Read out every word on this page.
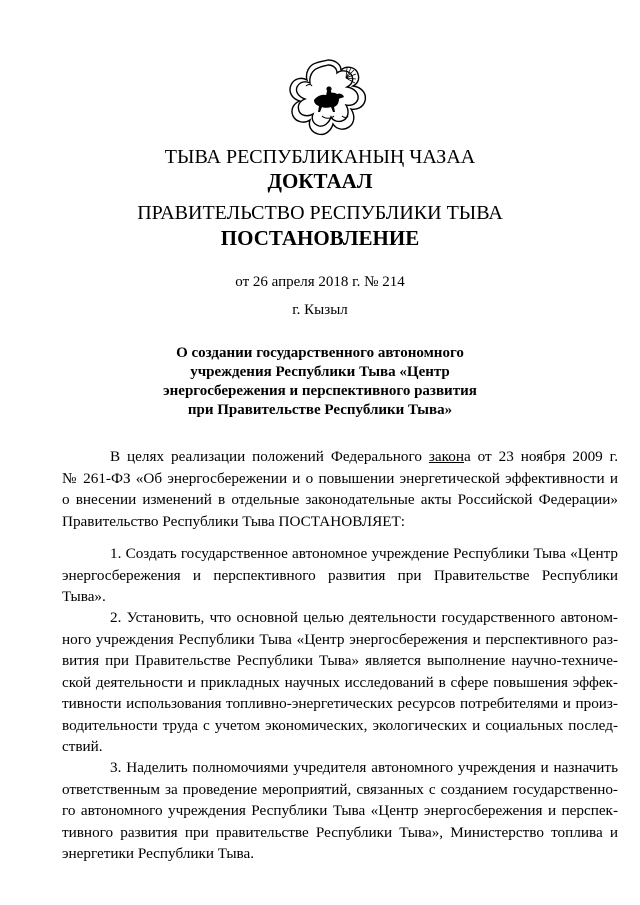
ТЫВА РЕСПУБЛИКАНЫҢ ЧАЗАА
ДОКТААЛ
ПРАВИТЕЛЬСТВО РЕСПУБЛИКИ ТЫВА
ПОСТАНОВЛЕНИЕ
от 26 апреля 2018 г. № 214
г. Кызыл
О создании государственного автономного
учреждения Республики Тыва «Центр
энергосбережения и перспективного развития
при Правительстве Республики Тыва»
В целях реализации положений Федерального закона от 23 ноября 2009 г.
№ 261-ФЗ «Об энергосбережении и о повышении энергетической эффективности и
о внесении изменений в отдельные законодательные акты Российской Федерации»
Правительство Республики Тыва ПОСТАНОВЛЯЕТ:
1. Создать государственное автономное учреждение Республики Тыва «Центр
энергосбережения и перспективного развития при Правительстве Республики
Тыва».
2. Установить, что основной целью деятельности государственного автоном-
ного учреждения Республики Тыва «Центр энергосбережения и перспективного раз-
вития при Правительстве Республики Тыва» является выполнение научно-техниче-
ской деятельности и прикладных научных исследований в сфере повышения эффек-
тивности использования топливно-энергетических ресурсов потребителями и произ-
водительности труда с учетом экономических, экологических и социальных послед-
ствий.
3. Наделить полномочиями учредителя автономного учреждения и назначить
ответственным за проведение мероприятий, связанных с созданием государственно-
го автономного учреждения Республики Тыва «Центр энергосбережения и перспек-
тивного развития при правительстве Республики Тыва», Министерство топлива и
энергетики Республики Тыва.
